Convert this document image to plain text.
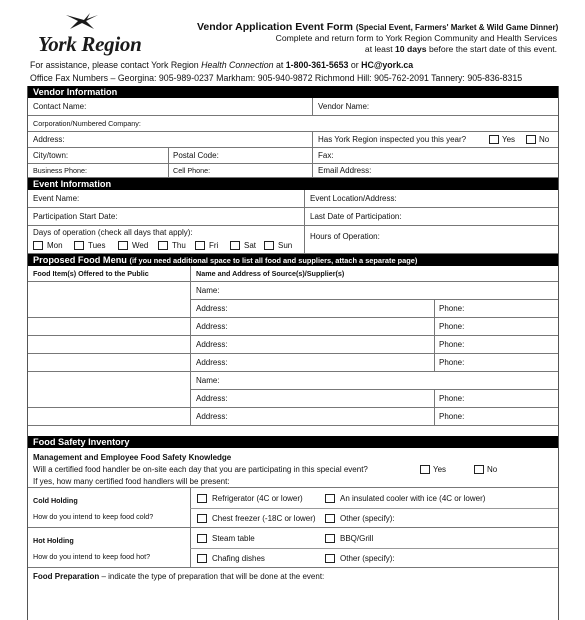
York Region
Vendor Application Event Form (Special Event, Farmers' Market & Wild Game Dinner)
Complete and return form to York Region Community and Health Services
at least 10 days before the start date of this event.
For assistance, please contact York Region Health Connection at 1-800-361-5653 or HC@york.ca
Office Fax Numbers – Georgina: 905-989-0237 Markham: 905-940-9872 Richmond Hill: 905-762-2091 Tannery: 905-836-8315
Vendor Information
Contact Name:	Vendor Name:
Corporation/Numbered Company:
Address:	Has York Region inspected you this year?	Yes	No
City/town:	Postal Code:	Fax:
Business Phone:	Cell Phone:	Email Address:
Event Information
Event Name:	Event Location/Address:
Participation Start Date:	Last Date of Participation:
Days of operation (check all days that apply):
Mon	Tues	Wed	Thu	Fri	Sat	Sun
Hours of Operation:
Proposed Food Menu (if you need additional space to list all food and suppliers, attach a separate page)
Food Item(s) Offered to the Public	Name and Address of Source(s)/Supplier(s)
Name:
Address:	Phone:
Address:	Phone:
Address:	Phone:
Address:	Phone:
Name:
Address:	Phone:
Address:	Phone:
Food Safety Inventory
Management and Employee Food Safety Knowledge
Will a certified food handler be on-site each day that you are participating in this special event?	Yes	No
If yes, how many certified food handlers will be present:
Cold Holding
How do you intend to keep food cold?
Refrigerator (4C or lower)	An insulated cooler with ice (4C or lower)
Chest freezer (-18C or lower)	Other (specify):
Hot Holding
How do you intend to keep food hot?
Steam table	BBQ/Grill
Chafing dishes	Other (specify):
Food Preparation – indicate the type of preparation that will be done at the event:
